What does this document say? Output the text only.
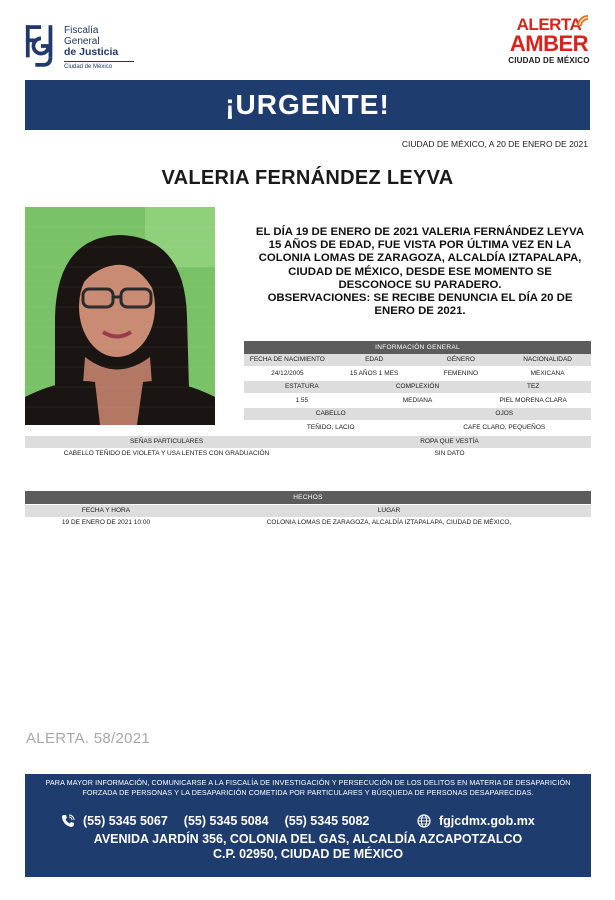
Fiscalía
General
de Justicia
Ciudad de México
ALERTA
AMBER
CIUDAD DE MÉXICO
¡URGENTE!
CIUDAD DE MÉXICO, A 20 DE ENERO DE 2021
VALERIA FERNÁNDEZ LEYVA

EL DÍA 19 DE ENERO DE 2021 VALERIA FERNÁNDEZ LEYVA

15 AÑOS DE EDAD, FUE VISTA POR ÚLTIMA VEZ EN LA

COLONIA LOMAS DE ZARAGOZA, ALCALDÍA IZTAPALAPA,

CIUDAD DE MÉXICO, DESDE ESE MOMENTO SE

DESCONOCE SU PARADERO.

OBSERVACIONES: SE RECIBE DENUNCIA EL DÍA 20 DE

ENERO DE 2021.

INFORMACIÓN GENERAL
FECHA DE NACIMIENTO	EDAD	GÉNERO	NACIONALIDAD
24/12/2005	15 AÑOS 1 MES	FEMENINO	MEXICANA
ESTATURA	COMPLEXIÓN	TEZ
1.55	MEDIANA	PIEL MORENA CLARA
CABELLO	OJOS
TEÑIDO, LACIO	CAFE CLARO, PEQUEÑOS
SEÑAS PARTICULARES	ROPA QUE VESTÍA
CABELLO TEÑIDO DE VIOLETA Y USA LENTES CON GRADUACIÓN	SIN DATO
HECHOS
FECHA Y HORA	LUGAR
19 DE ENERO DE 2021 10:00	COLONIA LOMAS DE ZARAGOZA, ALCALDÍA IZTAPALAPA, CIUDAD DE MÉXICO,
ALERTA. 58/2021
PARA MAYOR INFORMACIÓN, COMUNICARSE A LA FISCALÍA DE INVESTIGACIÓN Y PERSECUCIÓN DE LOS DELITOS EN MATERIA DE DESAPARICIÓN
FORZADA DE PERSONAS Y LA DESAPARICIÓN COMETIDA POR PARTICULARES Y BÚSQUEDA DE PERSONAS DESAPARECIDAS.
(55) 5345 5067 (55) 5345 5084 (55) 5345 5082	fgjcdmx.gob.mx
AVENIDA JARDÍN 356, COLONIA DEL GAS, ALCALDÍA AZCAPOTZALCO
C.P. 02950, CIUDAD DE MÉXICO
